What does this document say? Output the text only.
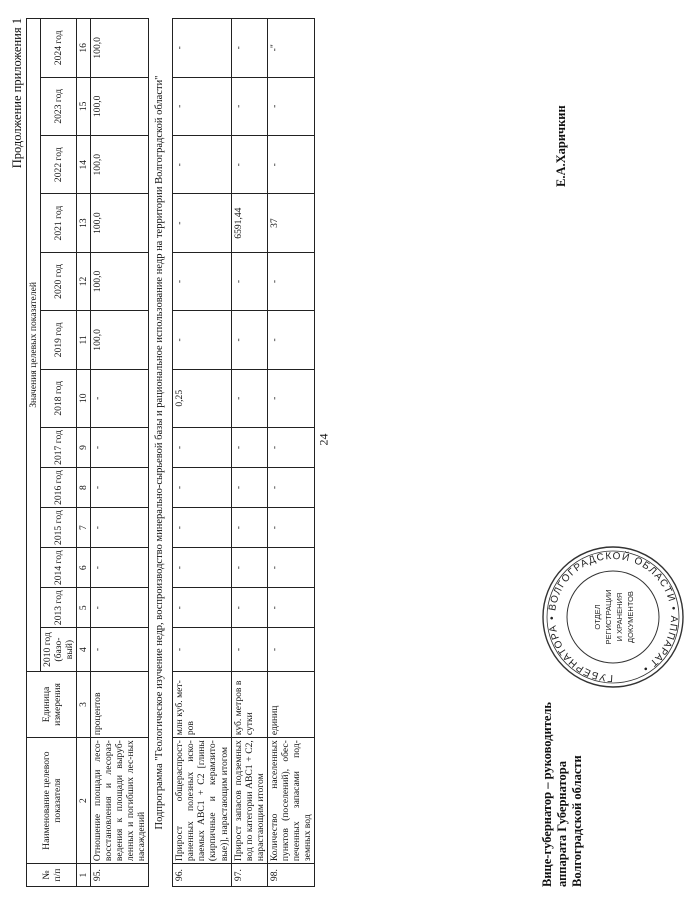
24
Продолжение приложения 1
№ п/п	Наименование целевого показателя	Единица измерения	Значения целевых показателей												
			2010 год (базо-вый)	2013 год	2014 год	2015 год	2016 год	2017 год	2018 год	2019 год	2020 год	2021 год	2022 год	2023 год	2024 год
1	2	3	4	5	6	7	8	9	10	11	12	13	14	15	16
95.	Отношение площади лесо-восстановления и лесораз-ведения к площади выруб-ленных и погибших лес-ных насаждений	процентов	-	-	-	-	-	-	-	100,0	100,0	100,0	100,0	100,0	100,0
Подпрограмма "Геологическое изучение недр, воспроизводство минерально-сырьевой базы и рациональное использование недр на территории Волгоградской области"															
96.	Прирост общераспрост-раненных полезных иско-паемых АВС1 + С2 [глины (кирпичные и керамзито-вые)], нарастающим итогом	млн куб. мет-ров	-	-	-	-	-	-	0,25	-	-	-	-	-	-
97.	Прирост запасов подземных вод по категории АВС1 + С2, нарастающим итогом	куб. метров в сутки	-	-	-	-	-	-	-	-	-	6591,44	-	-	-
98.	Количество населенных пунктов (поселений), обес-печенных запасами под-земных вод	единиц	-	-	-	-	-	-	-	-	-	37	-	-	-"
Вице-губернатор – руководитель аппарата Губернатора Волгоградской области
ГУБЕРНАТОРА • ВОЛГОГРАДСКОЙ ОБЛАСТИ • АППАРАТ •
ОТДЕЛ РЕГИСТРАЦИИ И ХРАНЕНИЯ ДОКУМЕНТОВ
Е.А.Харичкин
